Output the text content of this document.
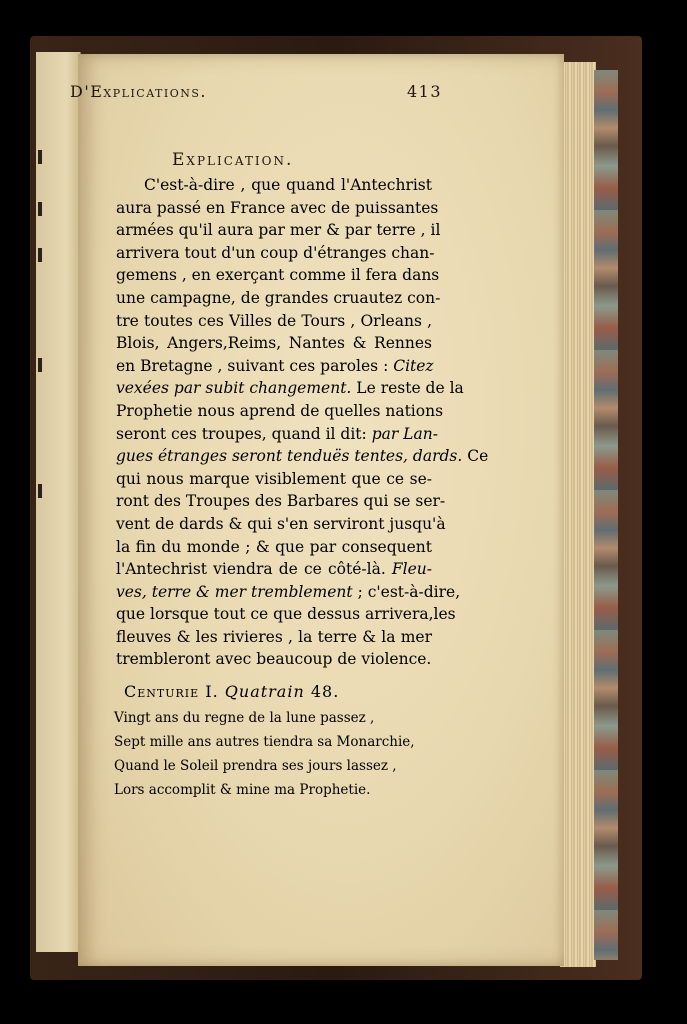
D'Explications.	413
Explication.
C'est-à-dire , que quand l'Antechrist
aura passé en France avec de puissantes
armées qu'il aura par mer & par terre , il
arrivera tout d'un coup d'étranges chan-
gemens , en exerçant comme il fera dans
une campagne, de grandes cruautez con-
tre toutes ces Villes de Tours , Orleans ,
Blois, Angers,Reims, Nantes & Rennes
en Bretagne , suivant ces paroles : Citez
vexées par subit changement. Le reste de la
Prophetie nous aprend de quelles nations
seront ces troupes, quand il dit: par Lan-
gues étranges seront tenduës tentes, dards. Ce
qui nous marque visiblement que ce se-
ront des Troupes des Barbares qui se ser-
vent de dards & qui s'en serviront jusqu'à
la fin du monde ; & que par consequent
l'Antechrist viendra de ce côté-là. Fleu-
ves, terre & mer tremblement ; c'est-à-dire,
que lorsque tout ce que dessus arrivera,les
fleuves & les rivieres , la terre & la mer
trembleront avec beaucoup de violence.
Centurie I. Quatrain 48.
Vingt ans du regne de la lune passez ,
Sept mille ans autres tiendra sa Monarchie,
Quand le Soleil prendra ses jours lassez ,
Lors accomplit & mine ma Prophetie.
